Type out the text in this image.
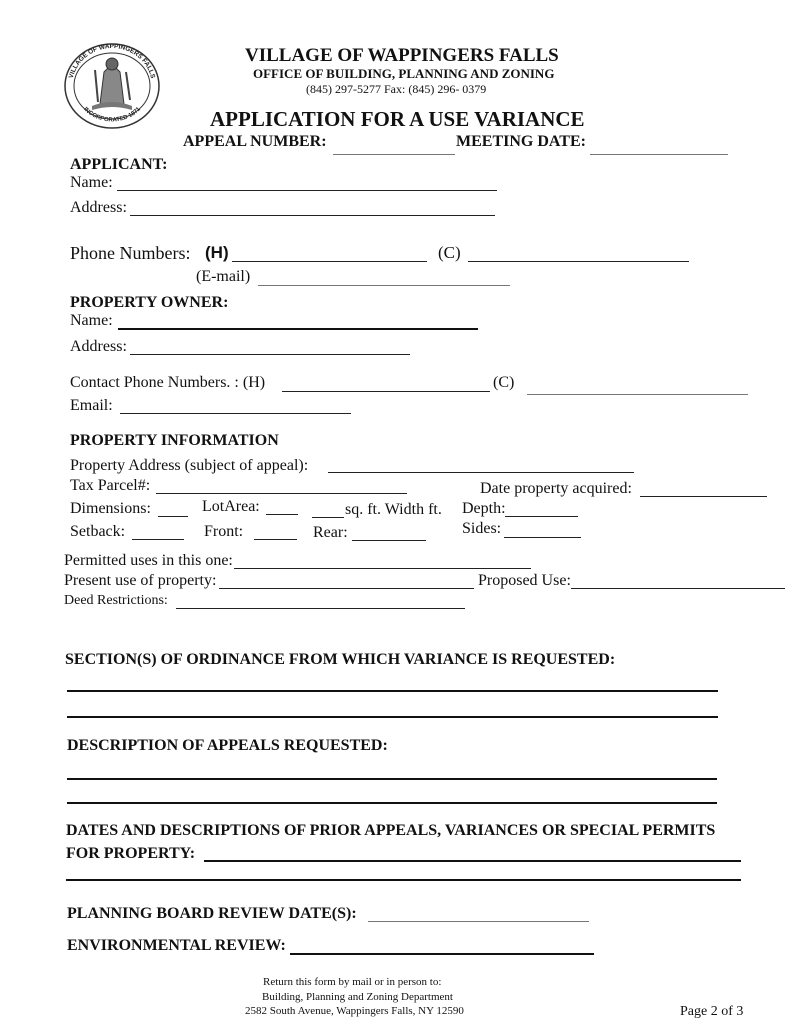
VILLAGE OF WAPPINGERS FALLS
INCORPORATED 1871
VILLAGE OF WAPPINGERS FALLS
OFFICE OF BUILDING, PLANNING AND ZONING
(845) 297-5277 Fax: (845) 296- 0379
APPLICATION FOR A USE VARIANCE
APPEAL NUMBER:	MEETING DATE:
APPLICANT:
Name:
Address:
Phone Numbers: (H)	(C)
(E-mail)
PROPERTY OWNER:
Name:
Address:
Contact Phone Numbers. : (H)	(C)
Email:
PROPERTY INFORMATION
Property Address (subject of appeal):
Tax Parcel#:	Date property acquired:
Dimensions:	LotArea:	sq. ft. Width ft. Depth:
Setback:	Front:	Rear:	Sides:
Permitted uses in this one:
Present use of property:	Proposed Use:
Deed Restrictions:
SECTION(S) OF ORDINANCE FROM WHICH VARIANCE IS REQUESTED:
DESCRIPTION OF APPEALS REQUESTED:
DATES AND DESCRIPTIONS OF PRIOR APPEALS, VARIANCES OR SPECIAL PERMITS
FOR PROPERTY:
PLANNING BOARD REVIEW DATE(S):
ENVIRONMENTAL REVIEW:
Return this form by mail or in person to:
Building, Planning and Zoning Department
2582 South Avenue, Wappingers Falls, NY 12590	Page 2 of 3
